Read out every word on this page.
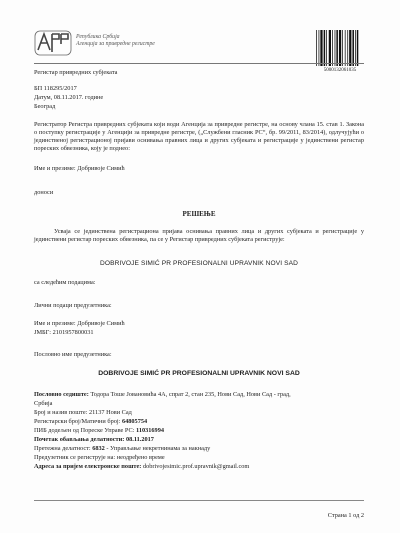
Република Србија
Агенција за привредне регистре
5000132061035
Регистар привредних субјеката
БП 118295/2017
Датум, 08.11.2017. године
Београд
Регистратор Регистра привредних субјеката који води Агенција за привредне регистре, на основу члана 15. став 1. Закона о поступку регистрације у Агенцији за привредне регистре, („Службени гласник РС“, бр. 99/2011, 83/2014), одлучујући о јединственој регистрационој пријави оснивања правних лица и других субјеката и регистрације у јединствени регистар пореских обвезника, коју је поднео:
Име и презиме: Добривоје Симић
доноси
РЕШЕЊЕ
Усваја се јединствена регистрациона пријава оснивања правних лица и других субјеката и регистрације у јединствени регистар пореских обвезника, па се у Регистар привредних субјеката региструје:
DOBRIVOJE SIMIĆ PR PROFESIONALNI UPRAVNIK NOVI SAD
са следећим подацима:
Лични подаци предузетника:
Име и презиме: Добривоје Симић
ЈМБГ: 2101957800031
Пословно име предузетника:
DOBRIVOJE SIMIĆ PR PROFESIONALNI UPRAVNIK NOVI SAD
Пословно седиште: Тодора Тоше Јовановића 4А, спрат 2, стан 235, Нови Сад, Нови Сад - град,
Србија
Број и назив поште: 21137 Нови Сад
Регистарски број/Матични број: 64805754
ПИБ додељен од Пореске Управе РС: 110316994
Почетак обављања делатности: 08.11.2017
Претежна делатност: 6832 - Управљање некретнинама за накнаду
Предузетник се региструје на: неодређено време
Адреса за пријем електронске поште: dobrivojesimic.prof.upravnik@gmail.com
Страна 1 од 2
